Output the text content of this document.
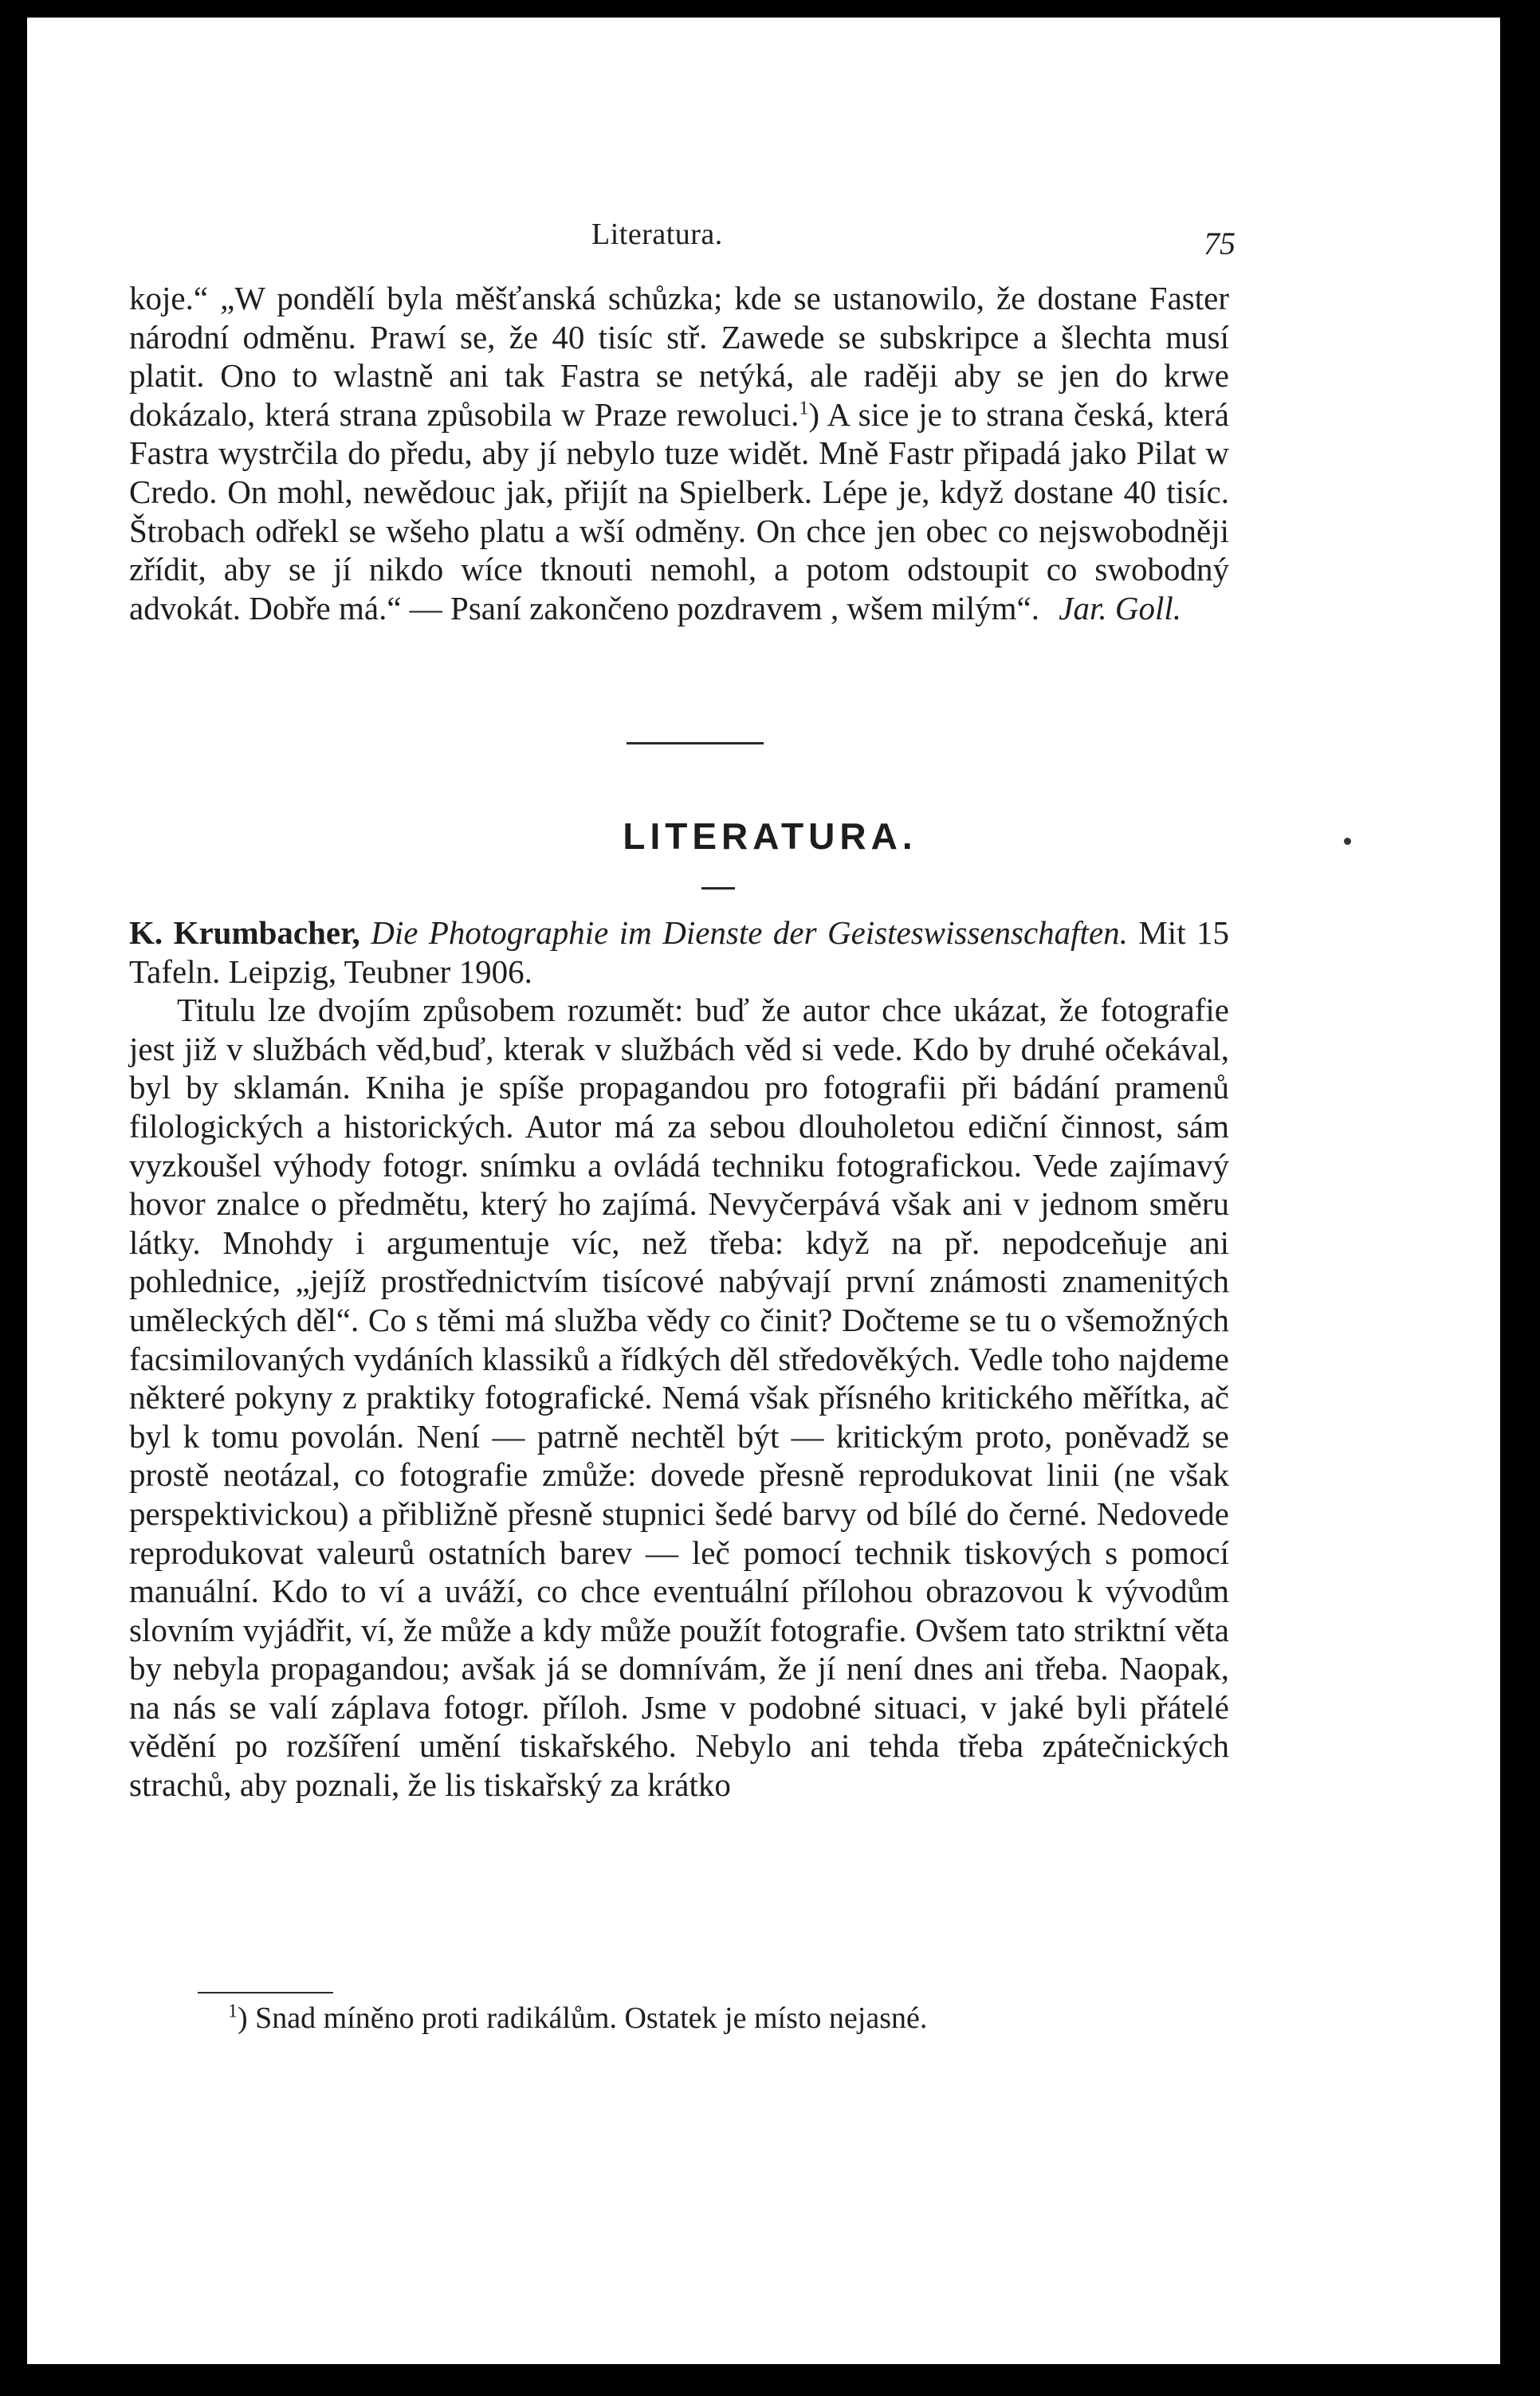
Literatura.	75

koje.“ „W pondělí byla měšťanská schůzka; kde se ustanowilo, že dostane Faster národní odměnu. Prawí se, že 40 tisíc stř. Zawede se subskripce a šlechta musí platit. Ono to wlastně ani tak Fastra se netýká, ale raději aby se jen do krwe dokázalo, která strana způsobila w Praze rewoluci.$^1$) A sice je to strana česká, která Fastra wystrčila do předu, aby jí nebylo tuze widět. Mně Fastr připadá jako Pilat w Credo. On mohl, newědouc jak, přijít na Spielberk. Lépe je, když dostane 40 tisíc. Štrobach odřekl se wšeho platu a wší odměny. On chce jen obec co nejswobodněji zřídit, aby se jí nikdo wíce tknouti nemohl, a potom odstoupit co swobodný advokát. Dobře má.“ — Psaní zakončeno pozdravem , wšem milým“. Jar. Goll.

LITERATURA.

K. Krumbacher, Die Photographie im Dienste der Geisteswissenschaften. Mit 15 Tafeln. Leipzig, Teubner 1906.

Titulu lze dvojím způsobem rozumět: buď že autor chce ukázat, že fotografie jest již v službách věd,buď, kterak v službách věd si vede. Kdo by druhé očekával, byl by sklamán. Kniha je spíše propagandou pro fotografii při bádání pramenů filologických a historických. Autor má za sebou dlouholetou ediční činnost, sám vyzkoušel výhody fotogr. snímku a ovládá techniku fotografickou. Vede zajímavý hovor znalce o předmětu, který ho zajímá. Nevyčerpává však ani v jednom směru látky. Mnohdy i argumentuje víc, než třeba: když na př. nepodceňuje ani pohlednice, „jejíž prostřednictvím tisícové nabývají první známosti znamenitých uměleckých děl“. Co s těmi má služba vědy co činit? Dočteme se tu o všemožných facsimilovaných vydáních klassiků a řídkých děl středověkých. Vedle toho najdeme některé pokyny z praktiky fotografické. Nemá však přísného kritického měřítka, ač byl k tomu povolán. Není — patrně nechtěl být — kritickým proto, poněvadž se prostě neotázal, co fotografie zmůže: dovede přesně reprodukovat linii (ne však perspektivickou) a přibližně přesně stupnici šedé barvy od bílé do černé. Nedovede reprodukovat valeurů ostatních barev — leč pomocí technik tiskových s pomocí manuální. Kdo to ví a uváží, co chce eventuální přílohou obrazovou k vývodům slovním vyjádřit, ví, že může a kdy může použít fotografie. Ovšem tato striktní věta by nebyla propagandou; avšak já se domnívám, že jí není dnes ani třeba. Naopak, na nás se valí záplava fotogr. příloh. Jsme v podobné situaci, v jaké byli přátelé vědění po rozšíření umění tiskařského. Nebylo ani tehda třeba zpátečnických strachů, aby poznali, že lis tiskařský za krátko

$^1$) Snad míněno proti radikálům. Ostatek je místo nejasné.
